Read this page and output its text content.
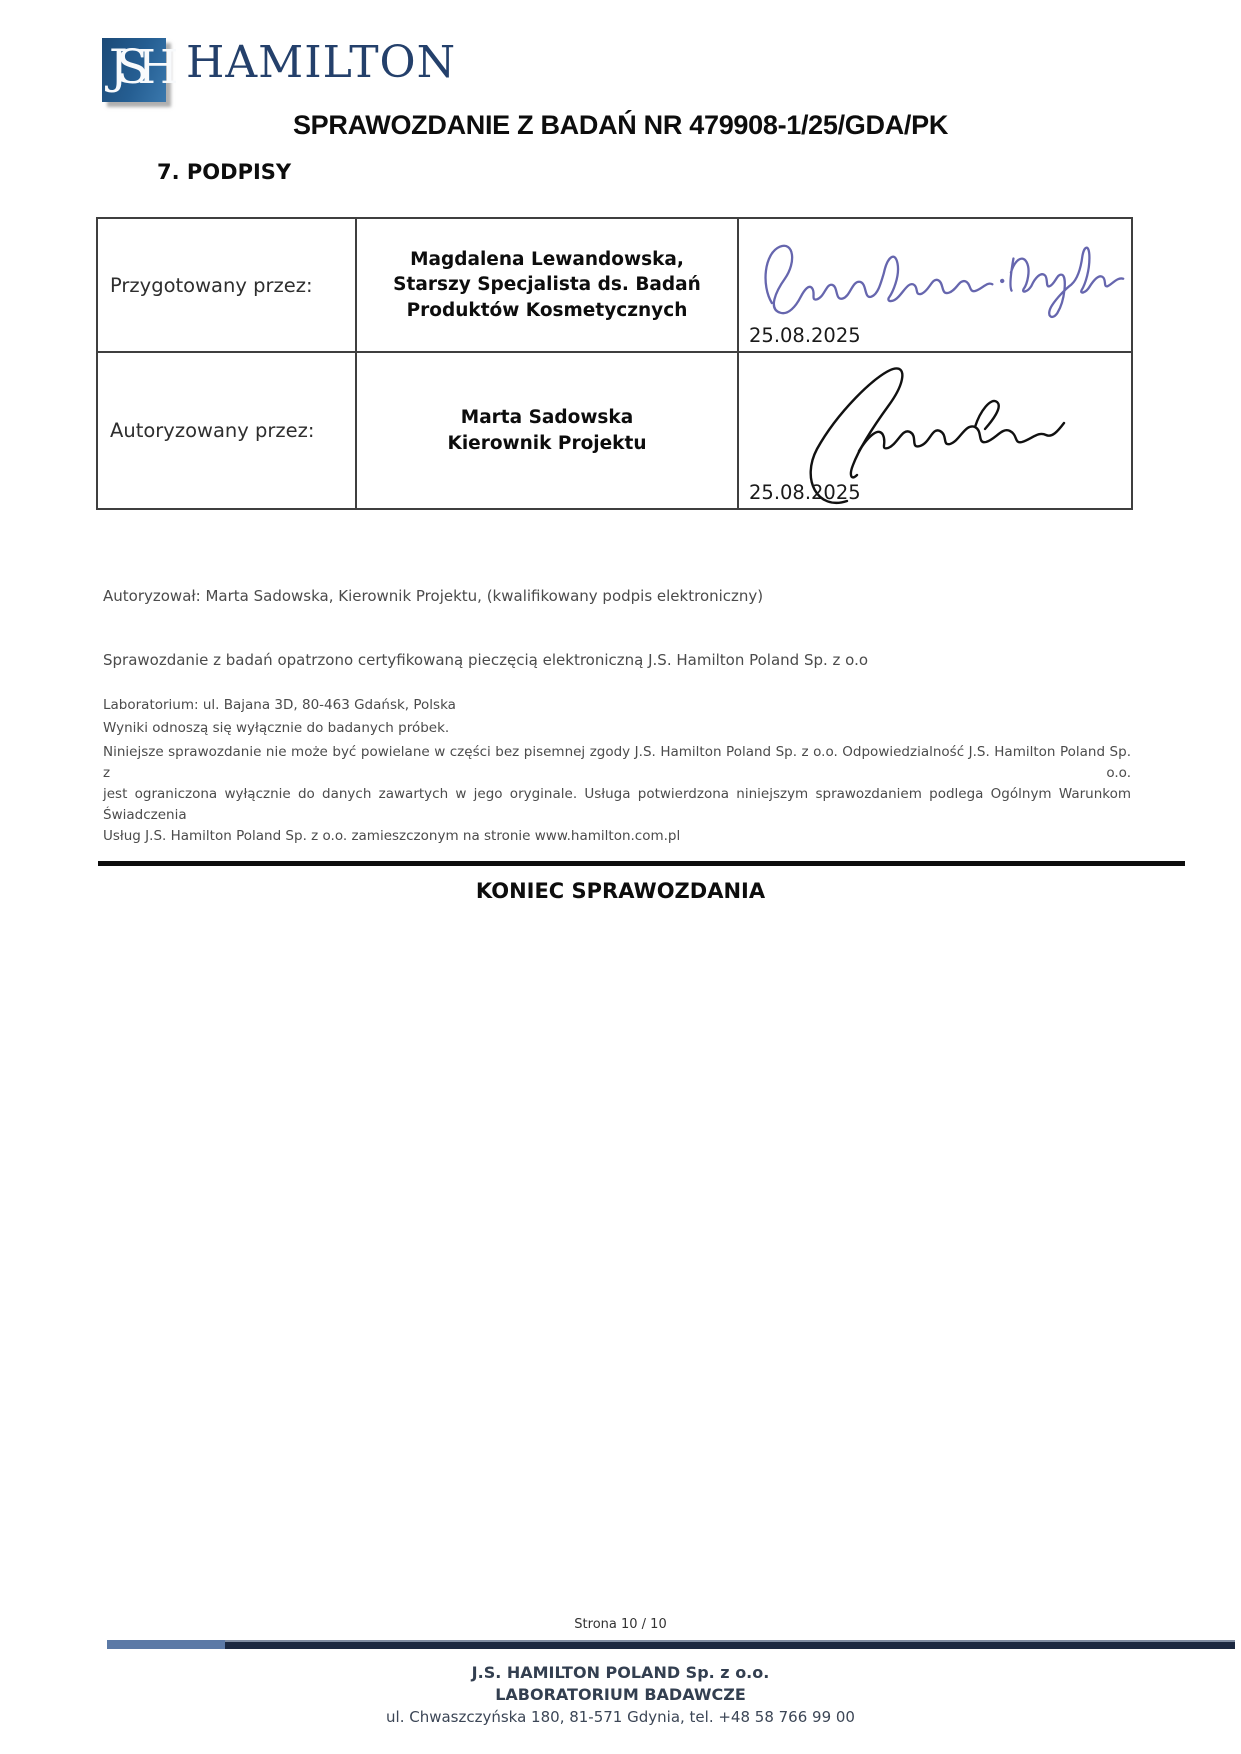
JSH HAMILTON
SPRAWOZDANIE Z BADAŃ NR 479908-1/25/GDA/PK
7. PODPISY
Przygotowany przez:
Magdalena Lewandowska,
Starszy Specjalista ds. Badań
Produktów Kosmetycznych
25.08.2025
Autoryzowany przez:
Marta Sadowska
Kierownik Projektu
25.08.2025
Autoryzował: Marta Sadowska, Kierownik Projektu, (kwalifikowany podpis elektroniczny)
Sprawozdanie z badań opatrzono certyfikowaną pieczęcią elektroniczną J.S. Hamilton Poland Sp. z o.o
Laboratorium: ul. Bajana 3D, 80-463 Gdańsk, Polska
Wyniki odnoszą się wyłącznie do badanych próbek.
Niniejsze sprawozdanie nie może być powielane w części bez pisemnej zgody J.S. Hamilton Poland Sp. z o.o. Odpowiedzialność J.S. Hamilton Poland Sp. z o.o.
jest ograniczona wyłącznie do danych zawartych w jego oryginale. Usługa potwierdzona niniejszym sprawozdaniem podlega Ogólnym Warunkom Świadczenia
Usług J.S. Hamilton Poland Sp. z o.o. zamieszczonym na stronie www.hamilton.com.pl
KONIEC SPRAWOZDANIA
Strona 10 / 10
J.S. HAMILTON POLAND Sp. z o.o.
LABORATORIUM BADAWCZE
ul. Chwaszczyńska 180, 81-571 Gdynia, tel. +48 58 766 99 00
